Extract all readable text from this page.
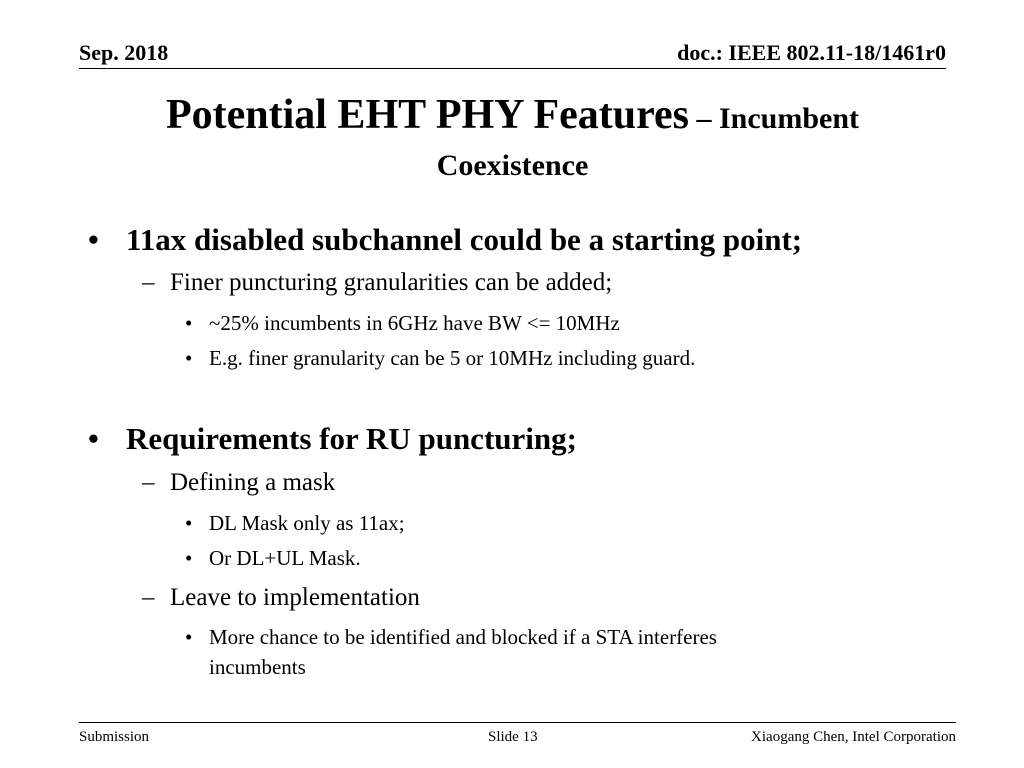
Sep. 2018	doc.: IEEE 802.11-18/1461r0
Potential EHT PHY Features – Incumbent
Coexistence
• 11ax disabled subchannel could be a starting point;
– Finer puncturing granularities can be added;
• ~25% incumbents in 6GHz have BW <= 10MHz
• E.g. finer granularity can be 5 or 10MHz including guard.
• Requirements for RU puncturing;
– Defining a mask
• DL Mask only as 11ax;
• Or DL+UL Mask.
– Leave to implementation
• More chance to be identified and blocked if a STA interferes
incumbents
Submission	Slide 13	Xiaogang Chen, Intel Corporation
